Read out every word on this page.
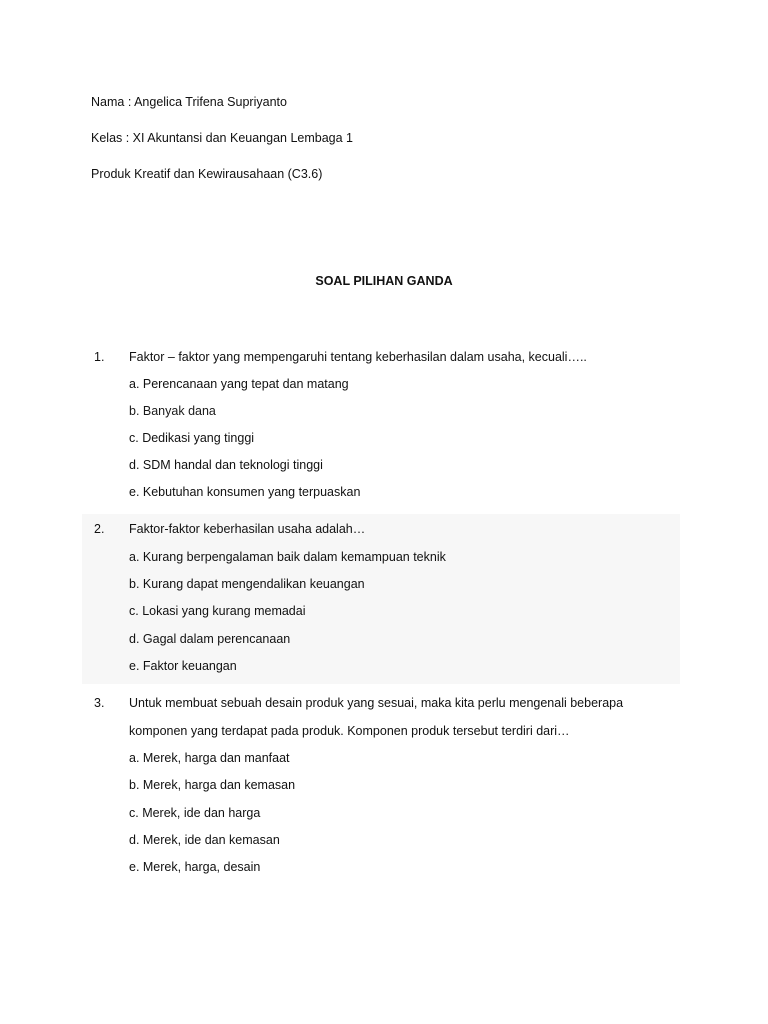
Nama : Angelica Trifena Supriyanto
Kelas : XI Akuntansi dan Keuangan Lembaga 1
Produk Kreatif dan Kewirausahaan (C3.6)
SOAL PILIHAN GANDA
1. Faktor – faktor yang mempengaruhi tentang keberhasilan dalam usaha, kecuali…..
a. Perencanaan yang tepat dan matang
b. Banyak dana
c. Dedikasi yang tinggi
d. SDM handal dan teknologi tinggi
e. Kebutuhan konsumen yang terpuaskan
2. Faktor-faktor keberhasilan usaha adalah…
a. Kurang berpengalaman baik dalam kemampuan teknik
b. Kurang dapat mengendalikan keuangan
c. Lokasi yang kurang memadai
d. Gagal dalam perencanaan
e. Faktor keuangan
3. Untuk membuat sebuah desain produk yang sesuai, maka kita perlu mengenali beberapa
komponen yang terdapat pada produk. Komponen produk tersebut terdiri dari…
a. Merek, harga dan manfaat
b. Merek, harga dan kemasan
c. Merek, ide dan harga
d. Merek, ide dan kemasan
e. Merek, harga, desain
